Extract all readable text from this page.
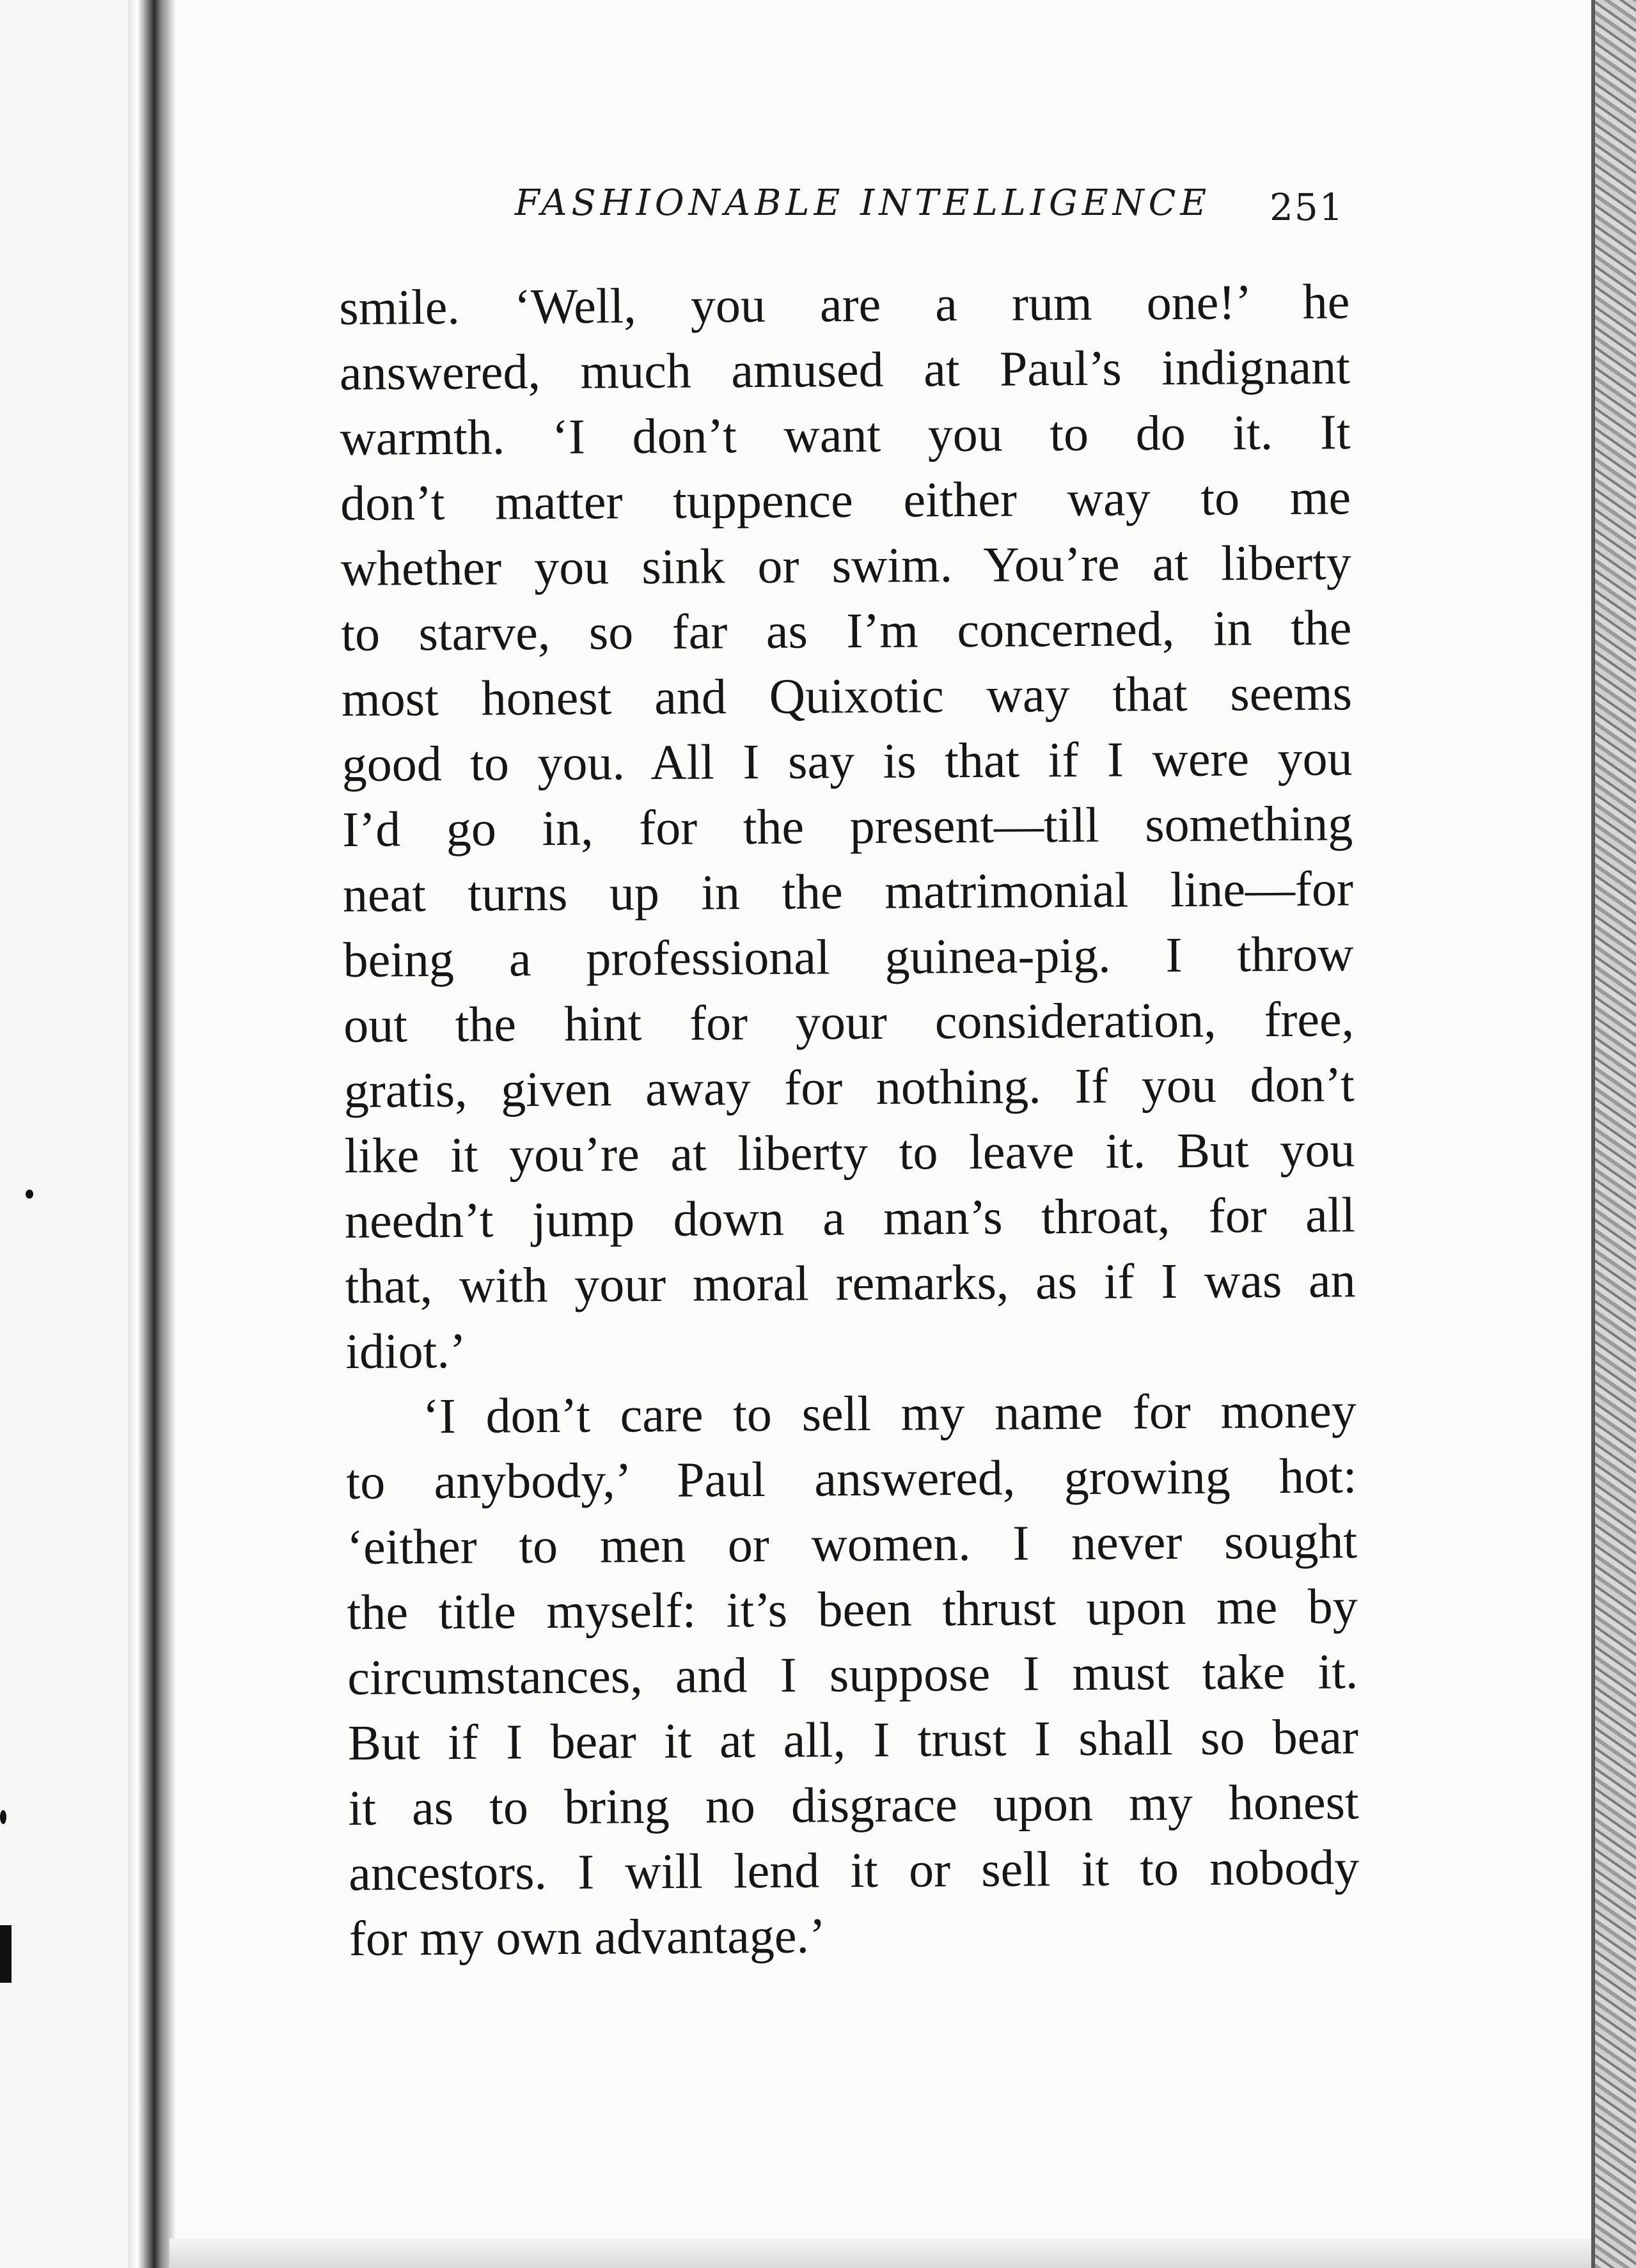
FASHIONABLE INTELLIGENCE 251
smile. ‘Well, you are a rum one!’ he
answered, much amused at Paul’s indignant
warmth. ‘I don’t want you to do it. It
don’t matter tuppence either way to me
whether you sink or swim. You’re at liberty
to starve, so far as I’m concerned, in the
most honest and Quixotic way that seems
good to you. All I say is that if I were you
I’d go in, for the present—till something
neat turns up in the matrimonial line—for
being a professional guinea-pig. I throw
out the hint for your consideration, free,
gratis, given away for nothing. If you don’t
like it you’re at liberty to leave it. But you
needn’t jump down a man’s throat, for all
that, with your moral remarks, as if I was an
idiot.’
‘I don’t care to sell my name for money
to anybody,’ Paul answered, growing hot:
‘either to men or women. I never sought
the title myself: it’s been thrust upon me by
circumstances, and I suppose I must take it.
But if I bear it at all, I trust I shall so bear
it as to bring no disgrace upon my honest
ancestors. I will lend it or sell it to nobody
for my own advantage.’
